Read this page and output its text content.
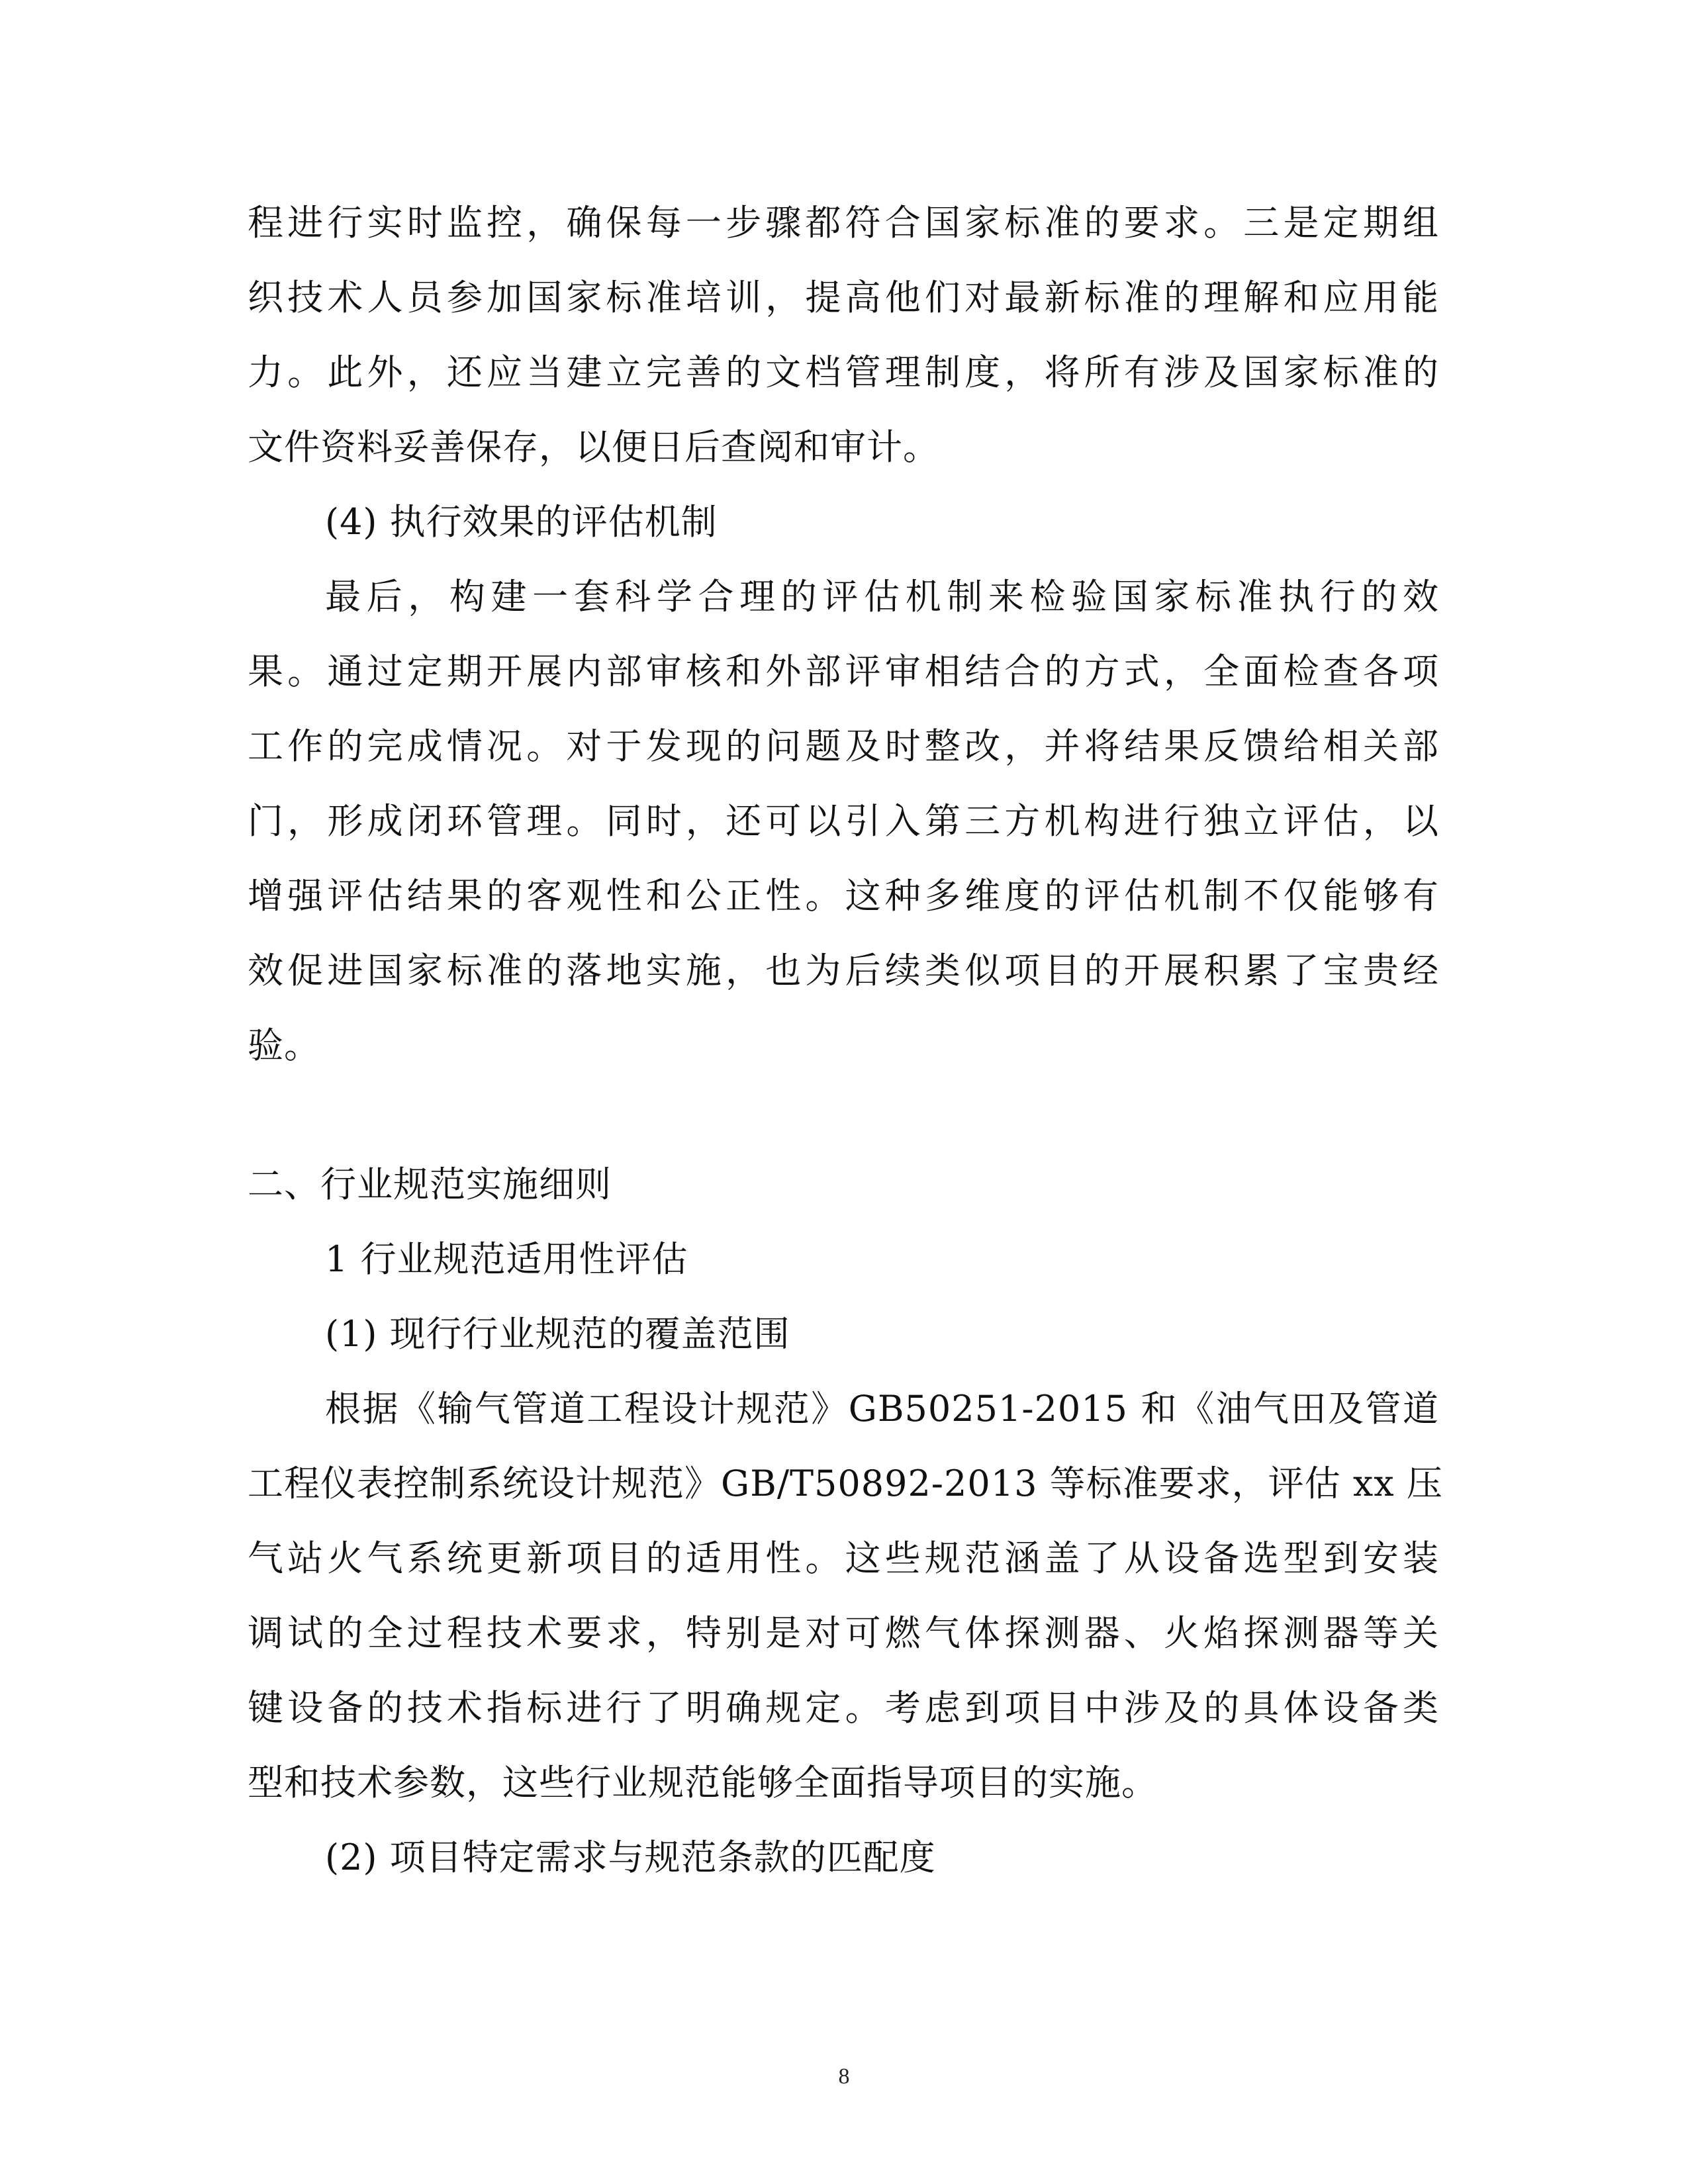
程进行实时监控，确保每一步骤都符合国家标准的要求。三是定期组
织技术人员参加国家标准培训，提高他们对最新标准的理解和应用能
力。此外，还应当建立完善的文档管理制度，将所有涉及国家标准的
文件资料妥善保存，以便日后查阅和审计。
(4) 执行效果的评估机制
最后，构建一套科学合理的评估机制来检验国家标准执行的效
果。通过定期开展内部审核和外部评审相结合的方式，全面检查各项
工作的完成情况。对于发现的问题及时整改，并将结果反馈给相关部
门，形成闭环管理。同时，还可以引入第三方机构进行独立评估，以
增强评估结果的客观性和公正性。这种多维度的评估机制不仅能够有
效促进国家标准的落地实施，也为后续类似项目的开展积累了宝贵经
验。
二、行业规范实施细则
1 行业规范适用性评估
(1) 现行行业规范的覆盖范围
根据《输气管道工程设计规范》GB50251-2015 和《油气田及管道
工程仪表控制系统设计规范》GB/T50892-2013 等标准要求，评估 xx 压
气站火气系统更新项目的适用性。这些规范涵盖了从设备选型到安装
调试的全过程技术要求，特别是对可燃气体探测器、火焰探测器等关
键设备的技术指标进行了明确规定。考虑到项目中涉及的具体设备类
型和技术参数，这些行业规范能够全面指导项目的实施。
(2) 项目特定需求与规范条款的匹配度
8
